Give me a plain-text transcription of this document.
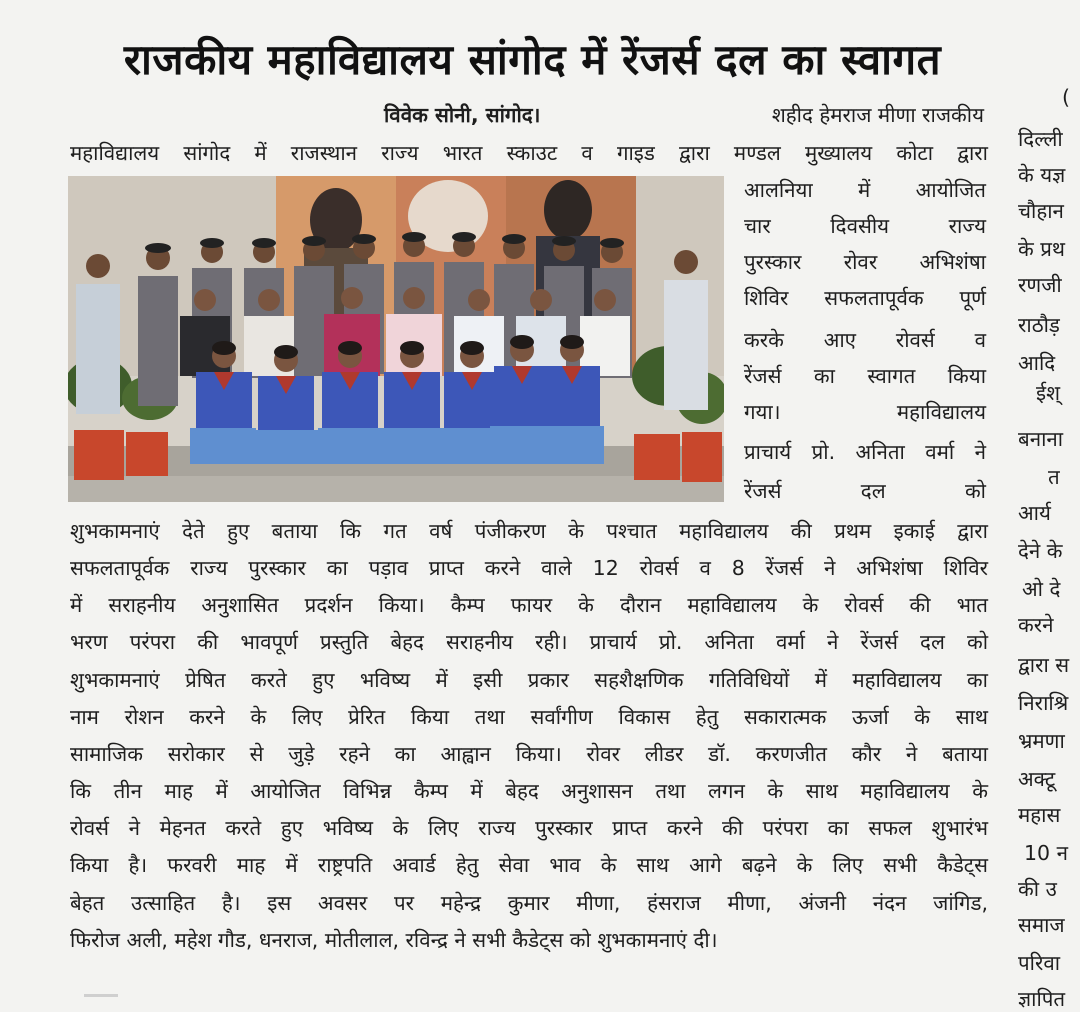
राजकीय महाविद्यालय सांगोद में रेंजर्स दल का स्वागत
विवेक सोनी, सांगोद।	शहीद हेमराज मीणा राजकीय
महाविद्यालय सांगोद में राजस्थान राज्य भारत स्काउट व गाइड द्वारा मण्डल मुख्यालय कोटा द्वारा
आलनिया में आयोजित
चार दिवसीय राज्य
पुरस्कार रोवर अभिशंषा
शिविर सफलतापूर्वक पूर्ण
करके आए रोवर्स व
रेंजर्स का स्वागत किया
गया। महाविद्यालय
प्राचार्य प्रो. अनिता वर्मा ने
रेंजर्स दल को
शुभकामनाएं देते हुए बताया कि गत वर्ष पंजीकरण के पश्चात महाविद्यालय की प्रथम इकाई द्वारा
सफलतापूर्वक राज्य पुरस्कार का पड़ाव प्राप्त करने वाले 12 रोवर्स व 8 रेंजर्स ने अभिशंषा शिविर
में सराहनीय अनुशासित प्रदर्शन किया। कैम्प फायर के दौरान महाविद्यालय के रोवर्स की भात
भरण परंपरा की भावपूर्ण प्रस्तुति बेहद सराहनीय रही। प्राचार्य प्रो. अनिता वर्मा ने रेंजर्स दल को
शुभकामनाएं प्रेषित करते हुए भविष्य में इसी प्रकार सहशैक्षणिक गतिविधियों में महाविद्यालय का
नाम रोशन करने के लिए प्रेरित किया तथा सर्वांगीण विकास हेतु सकारात्मक ऊर्जा के साथ
सामाजिक सरोकार से जुड़े रहने का आह्वान किया। रोवर लीडर डॉ. करणजीत कौर ने बताया
कि तीन माह में आयोजित विभिन्न कैम्प में बेहद अनुशासन तथा लगन के साथ महाविद्यालय के
रोवर्स ने मेहनत करते हुए भविष्य के लिए राज्य पुरस्कार प्राप्त करने की परंपरा का सफल शुभारंभ
किया है। फरवरी माह में राष्ट्रपति अवार्ड हेतु सेवा भाव के साथ आगे बढ़ने के लिए सभी कैडेट्स
बेहत उत्साहित है। इस अवसर पर महेन्द्र कुमार मीणा, हंसराज मीणा, अंजनी नंदन जांगिड,
फिरोज अली, महेश गौड, धनराज, मोतीलाल, रविन्द्र ने सभी कैडेट्स को शुभकामनाएं दी।
(
दिल्ली
के यज्ञ
चौहान
के प्रथ
रणजी
राठौड़
आदि
ईश्
बनाना
त
आर्य
देने के
ओ दे
करने
द्वारा स
निराश्रि
भ्रमणा
अक्टू
महास
10 न
की उ
समाज
परिवा
ज्ञापित
